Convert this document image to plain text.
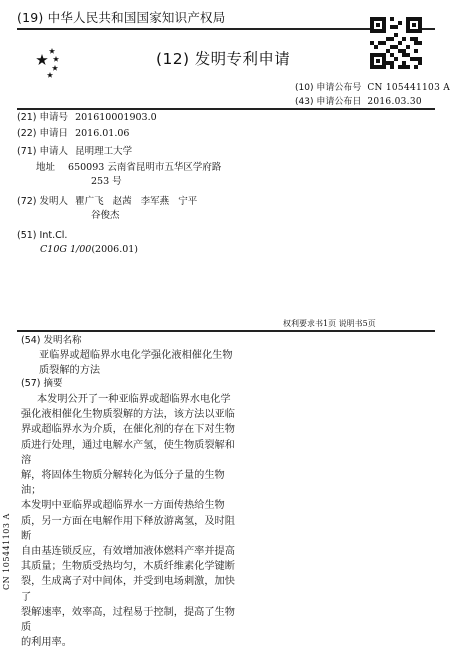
(19) 中华人民共和国国家知识产权局
(12) 发明专利申请
(10) 申请公布号 CN 105441103 A
(43) 申请公布日 2016.03.30
(21) 申请号 201610001903.0
(22) 申请日 2016.01.06
(71) 申请人 昆明理工大学
地址 650093 云南省昆明市五华区学府路
253 号
(72) 发明人 瞿广飞   赵茜   李军燕   宁平
谷俊杰
(51) Int.Cl.
C10G 1/00(2006.01)
权利要求书1页 说明书5页
(54) 发明名称
亚临界或超临界水电化学强化液相催化生物
质裂解的方法
(57) 摘要
本发明公开了一种亚临界或超临界水电化学
强化液相催化生物质裂解的方法，该方法以亚临
界或超临界水为介质，在催化剂的存在下对生物
质进行处理，通过电解水产氢，使生物质裂解和溶
解，将固体生物质分解转化为低分子量的生物油；
本发明中亚临界或超临界水一方面传热给生物
质，另一方面在电解作用下释放游离氢，及时阻断
自由基连锁反应，有效增加液体燃料产率并提高
其质量；生物质受热均匀，木质纤维素化学键断
裂，生成离子对中间体，并受到电场刺激，加快了
裂解速率，效率高，过程易于控制，提高了生物质
的利用率。
CN 105441103 A
